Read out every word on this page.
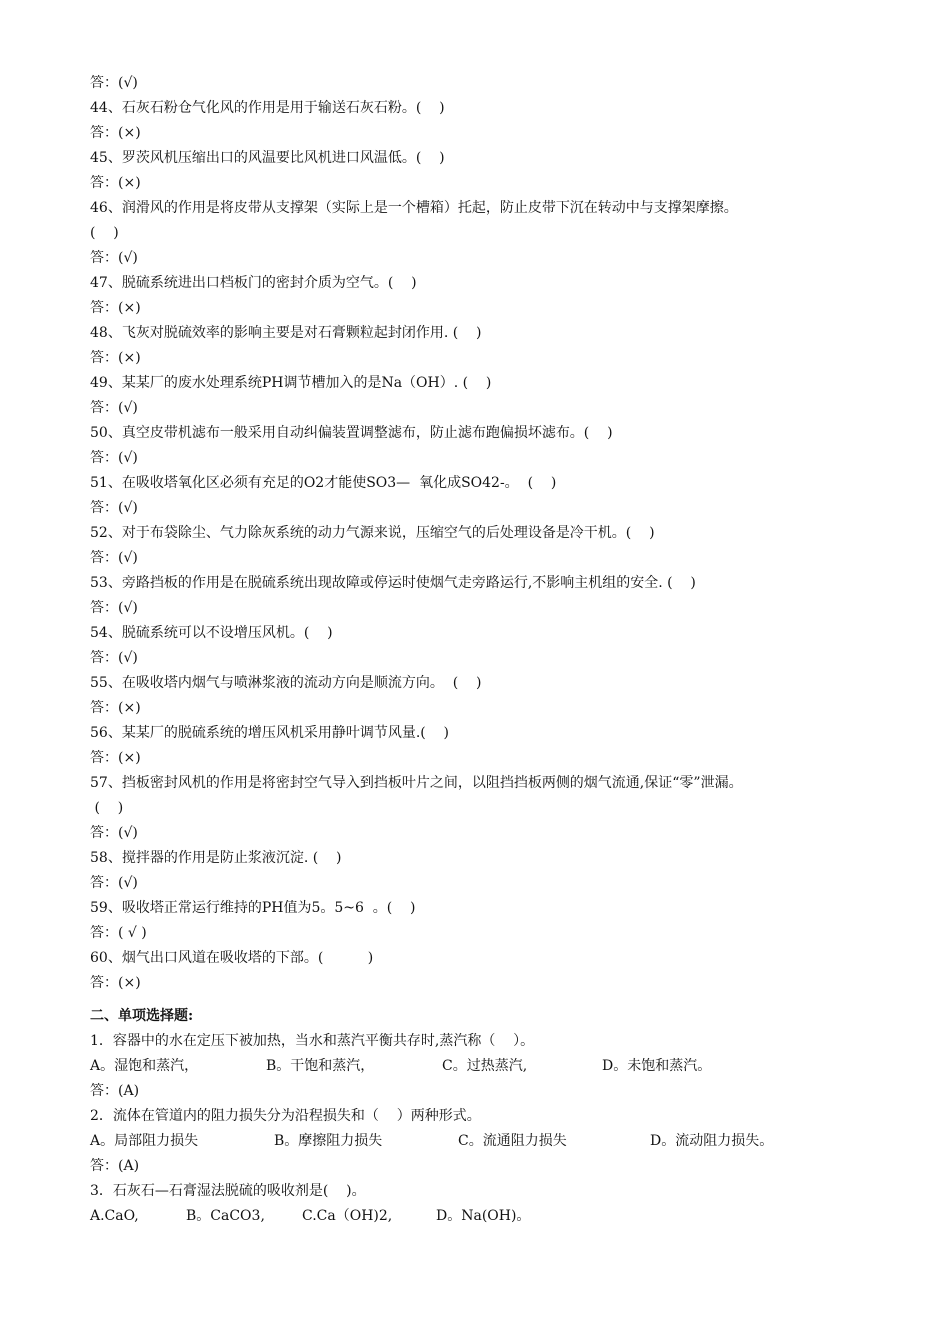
答：(√)
44、石灰石粉仓气化风的作用是用于输送石灰石粉。(    )
答：(×)
45、罗茨风机压缩出口的风温要比风机进口风温低。(    )
答：(×)
46、润滑风的作用是将皮带从支撑架（实际上是一个槽箱）托起，防止皮带下沉在转动中与支撑架摩擦。
(    )
答：(√)
47、脱硫系统进出口档板门的密封介质为空气。(    )
答：(×)
48、飞灰对脱硫效率的影响主要是对石膏颗粒起封闭作用. (    )
答：(×)
49、某某厂的废水处理系统PH调节槽加入的是Na（OH）. (    )
答：(√)
50、真空皮带机滤布一般采用自动纠偏装置调整滤布，防止滤布跑偏损坏滤布。(    )
答：(√)
51、在吸收塔氧化区必须有充足的O2才能使SO3—  氧化成SO42-。  (    )
答：(√)
52、对于布袋除尘、气力除灰系统的动力气源来说，压缩空气的后处理设备是冷干机。(    )
答：(√)
53、旁路挡板的作用是在脱硫系统出现故障或停运时使烟气走旁路运行,不影响主机组的安全. (    )
答：(√)
54、脱硫系统可以不设增压风机。(    )
答：(√)
55、在吸收塔内烟气与喷淋浆液的流动方向是顺流方向。  (    )
答：(×)
56、某某厂的脱硫系统的增压风机采用静叶调节风量.(    )
答：(×)
57、挡板密封风机的作用是将密封空气导入到挡板叶片之间，以阻挡挡板两侧的烟气流通,保证“零”泄漏。
(    )
答：(√)
58、搅拌器的作用是防止浆液沉淀. (    )
答：(√)
59、吸收塔正常运行维持的PH值为5。5~6  。(    )
答：( √ )
60、烟气出口风道在吸收塔的下部。(          )
答：(×)
二、单项选择题:
1．容器中的水在定压下被加热，当水和蒸汽平衡共存时,蒸汽称（    ）。
A。湿饱和蒸汽，	B。干饱和蒸汽，	C。过热蒸汽,	D。未饱和蒸汽。
答：(A)
2．流体在管道内的阻力损失分为沿程损失和（    ）两种形式。
A。局部阻力损失	B。摩擦阻力损失	C。流通阻力损失	D。流动阻力损失。
答：(A)
3．石灰石—石膏湿法脱硫的吸收剂是(    )。
A.CaO,	B。CaCO3,	C.Ca（OH)2,	D。Na(OH)。
